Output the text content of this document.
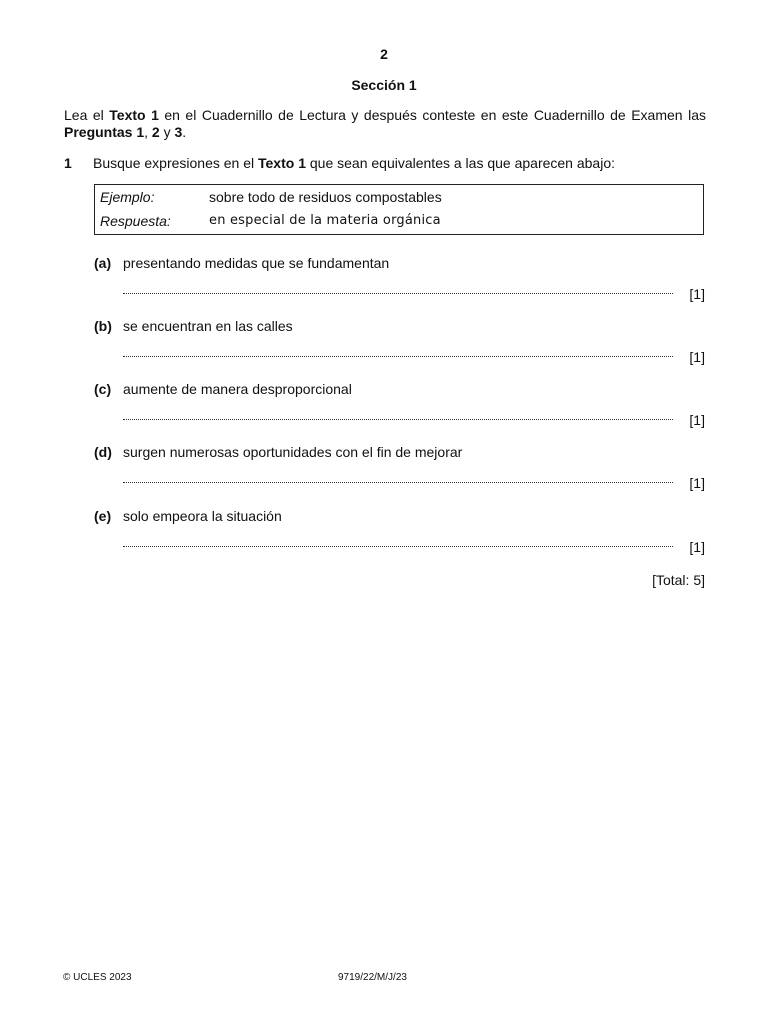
2
Sección 1
Lea el Texto 1 en el Cuadernillo de Lectura y después conteste en este Cuadernillo de Examen las Preguntas 1, 2 y 3.
1 Busque expresiones en el Texto 1 que sean equivalentes a las que aparecen abajo:
Ejemplo:	sobre todo de residuos compostables
Respuesta:	en especial de la materia orgánica
(a) presentando medidas que se fundamentan
[1]
(b) se encuentran en las calles
[1]
(c) aumente de manera desproporcional
[1]
(d) surgen numerosas oportunidades con el fin de mejorar
[1]
(e) solo empeora la situación
[1]
[Total: 5]
© UCLES 2023	9719/22/M/J/23
